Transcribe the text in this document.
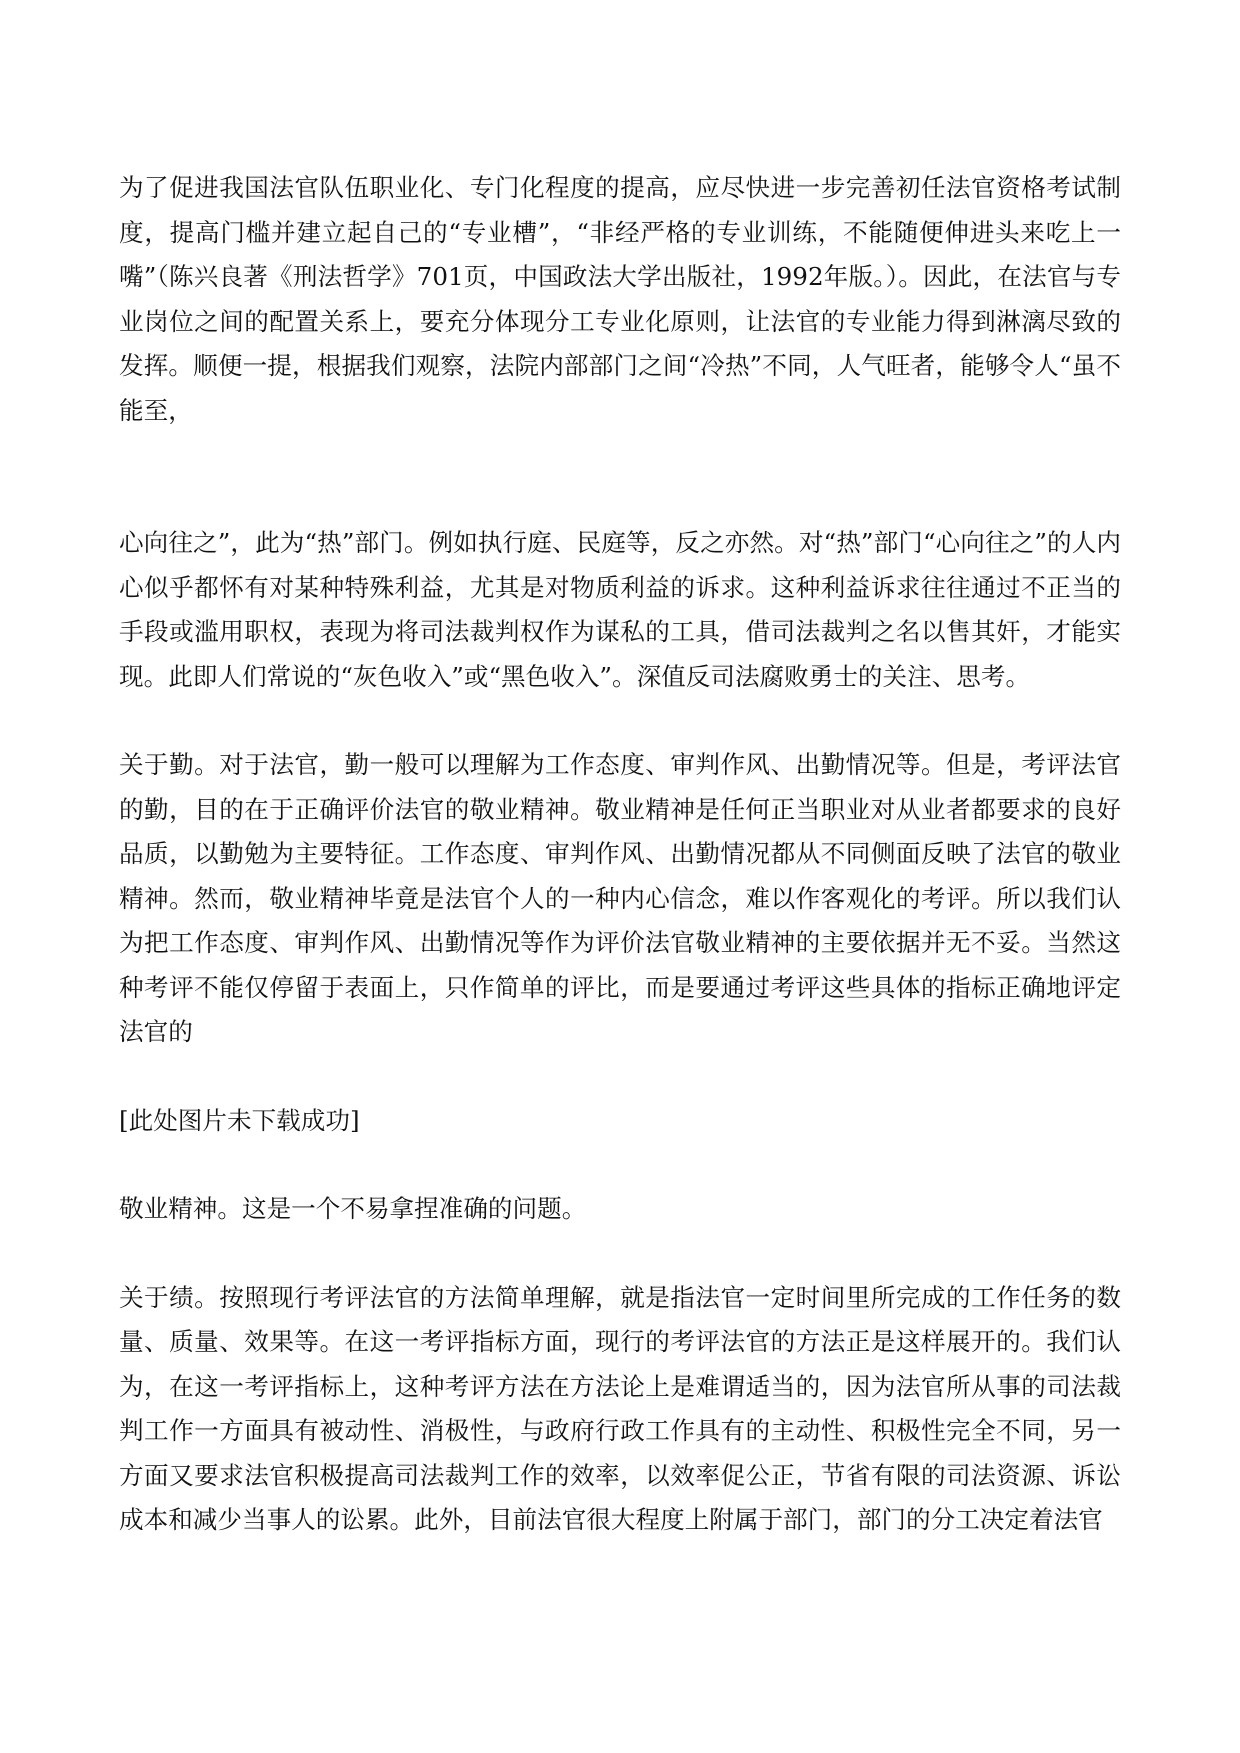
为了促进我国法官队伍职业化、专门化程度的提高，应尽快进一步完善初任法官资格考试制度，提高门槛并建立起自己的“专业槽”，“非经严格的专业训练，不能随便伸进头来吃上一嘴”（陈兴良著《刑法哲学》701页，中国政法大学出版社，1992年版。）。因此，在法官与专业岗位之间的配置关系上，要充分体现分工专业化原则，让法官的专业能力得到淋漓尽致的发挥。顺便一提，根据我们观察，法院内部部门之间“冷热”不同，人气旺者，能够令人“虽不能至，

心向往之”，此为“热”部门。例如执行庭、民庭等，反之亦然。对“热”部门“心向往之”的人内心似乎都怀有对某种特殊利益，尤其是对物质利益的诉求。这种利益诉求往往通过不正当的手段或滥用职权，表现为将司法裁判权作为谋私的工具，借司法裁判之名以售其奸，才能实现。此即人们常说的“灰色收入”或“黑色收入”。深值反司法腐败勇士的关注、思考。

关于勤。对于法官，勤一般可以理解为工作态度、审判作风、出勤情况等。但是，考评法官的勤，目的在于正确评价法官的敬业精神。敬业精神是任何正当职业对从业者都要求的良好品质，以勤勉为主要特征。工作态度、审判作风、出勤情况都从不同侧面反映了法官的敬业精神。然而，敬业精神毕竟是法官个人的一种内心信念，难以作客观化的考评。所以我们认为把工作态度、审判作风、出勤情况等作为评价法官敬业精神的主要依据并无不妥。当然这种考评不能仅停留于表面上，只作简单的评比，而是要通过考评这些具体的指标正确地评定法官的

[此处图片未下载成功]

敬业精神。这是一个不易拿捏准确的问题。

关于绩。按照现行考评法官的方法简单理解，就是指法官一定时间里所完成的工作任务的数量、质量、效果等。在这一考评指标方面，现行的考评法官的方法正是这样展开的。我们认为，在这一考评指标上，这种考评方法在方法论上是难谓适当的，因为法官所从事的司法裁判工作一方面具有被动性、消极性，与政府行政工作具有的主动性、积极性完全不同，另一方面又要求法官积极提高司法裁判工作的效率，以效率促公正，节省有限的司法资源、诉讼成本和减少当事人的讼累。此外，目前法官很大程度上附属于部门，部门的分工决定着法官
